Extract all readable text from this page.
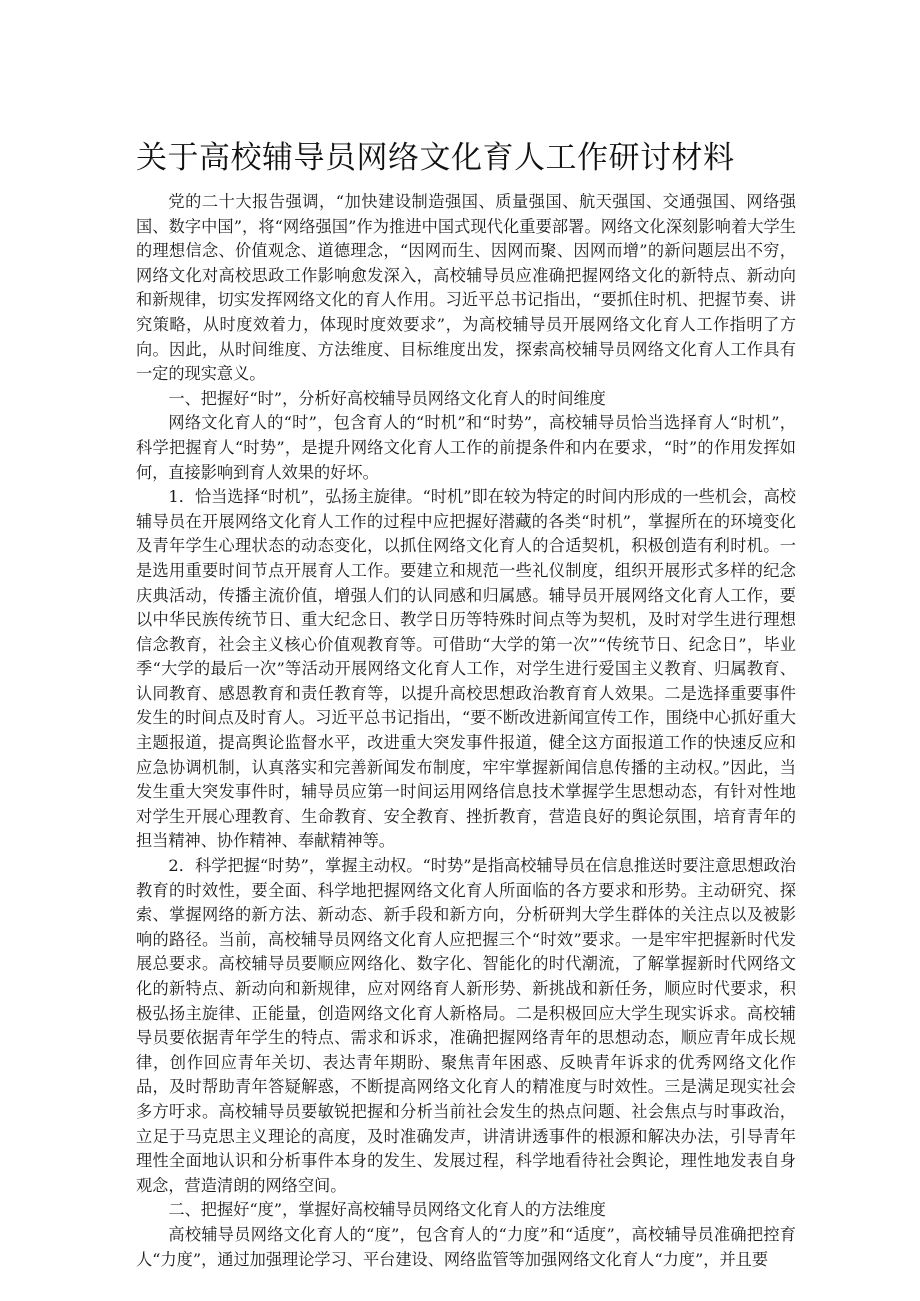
关于高校辅导员网络文化育人工作研讨材料

党的二十大报告强调，“加快建设制造强国、质量强国、航天强国、交通强国、网络强国、数字中国”，将“网络强国”作为推进中国式现代化重要部署。网络文化深刻影响着大学生的理想信念、价值观念、道德理念，“因网而生、因网而聚、因网而增”的新问题层出不穷，网络文化对高校思政工作影响愈发深入，高校辅导员应准确把握网络文化的新特点、新动向和新规律，切实发挥网络文化的育人作用。习近平总书记指出，“要抓住时机、把握节奏、讲究策略，从时度效着力，体现时度效要求”，为高校辅导员开展网络文化育人工作指明了方向。因此，从时间维度、方法维度、目标维度出发，探索高校辅导员网络文化育人工作具有一定的现实意义。

一、把握好“时”，分析好高校辅导员网络文化育人的时间维度

网络文化育人的“时”，包含育人的“时机”和“时势”，高校辅导员恰当选择育人“时机”，科学把握育人“时势”，是提升网络文化育人工作的前提条件和内在要求，“时”的作用发挥如何，直接影响到育人效果的好坏。

1．恰当选择“时机”，弘扬主旋律。“时机”即在较为特定的时间内形成的一些机会，高校辅导员在开展网络文化育人工作的过程中应把握好潜藏的各类“时机”，掌握所在的环境变化及青年学生心理状态的动态变化，以抓住网络文化育人的合适契机，积极创造有利时机。一是选用重要时间节点开展育人工作。要建立和规范一些礼仪制度，组织开展形式多样的纪念庆典活动，传播主流价值，增强人们的认同感和归属感。辅导员开展网络文化育人工作，要以中华民族传统节日、重大纪念日、教学日历等特殊时间点等为契机，及时对学生进行理想信念教育，社会主义核心价值观教育等。可借助“大学的第一次”“传统节日、纪念日”，毕业季“大学的最后一次”等活动开展网络文化育人工作，对学生进行爱国主义教育、归属教育、认同教育、感恩教育和责任教育等，以提升高校思想政治教育育人效果。二是选择重要事件发生的时间点及时育人。习近平总书记指出，“要不断改进新闻宣传工作，围绕中心抓好重大主题报道，提高舆论监督水平，改进重大突发事件报道，健全这方面报道工作的快速反应和应急协调机制，认真落实和完善新闻发布制度，牢牢掌握新闻信息传播的主动权。”因此，当发生重大突发事件时，辅导员应第一时间运用网络信息技术掌握学生思想动态，有针对性地对学生开展心理教育、生命教育、安全教育、挫折教育，营造良好的舆论氛围，培育青年的担当精神、协作精神、奉献精神等。

2．科学把握“时势”，掌握主动权。“时势”是指高校辅导员在信息推送时要注意思想政治教育的时效性，要全面、科学地把握网络文化育人所面临的各方要求和形势。主动研究、探索、掌握网络的新方法、新动态、新手段和新方向，分析研判大学生群体的关注点以及被影响的路径。当前，高校辅导员网络文化育人应把握三个“时效”要求。一是牢牢把握新时代发展总要求。高校辅导员要顺应网络化、数字化、智能化的时代潮流，了解掌握新时代网络文化的新特点、新动向和新规律，应对网络育人新形势、新挑战和新任务，顺应时代要求，积极弘扬主旋律、正能量，创造网络文化育人新格局。二是积极回应大学生现实诉求。高校辅导员要依据青年学生的特点、需求和诉求，准确把握网络青年的思想动态，顺应青年成长规律，创作回应青年关切、表达青年期盼、聚焦青年困惑、反映青年诉求的优秀网络文化作品，及时帮助青年答疑解惑，不断提高网络文化育人的精准度与时效性。三是满足现实社会多方吁求。高校辅导员要敏锐把握和分析当前社会发生的热点问题、社会焦点与时事政治，立足于马克思主义理论的高度，及时准确发声，讲清讲透事件的根源和解决办法，引导青年理性全面地认识和分析事件本身的发生、发展过程，科学地看待社会舆论，理性地发表自身观念，营造清朗的网络空间。

二、把握好“度”，掌握好高校辅导员网络文化育人的方法维度

高校辅导员网络文化育人的“度”，包含育人的“力度”和“适度”，高校辅导员准确把控育人“力度”，通过加强理论学习、平台建设、网络监管等加强网络文化育人“力度”，并且要
